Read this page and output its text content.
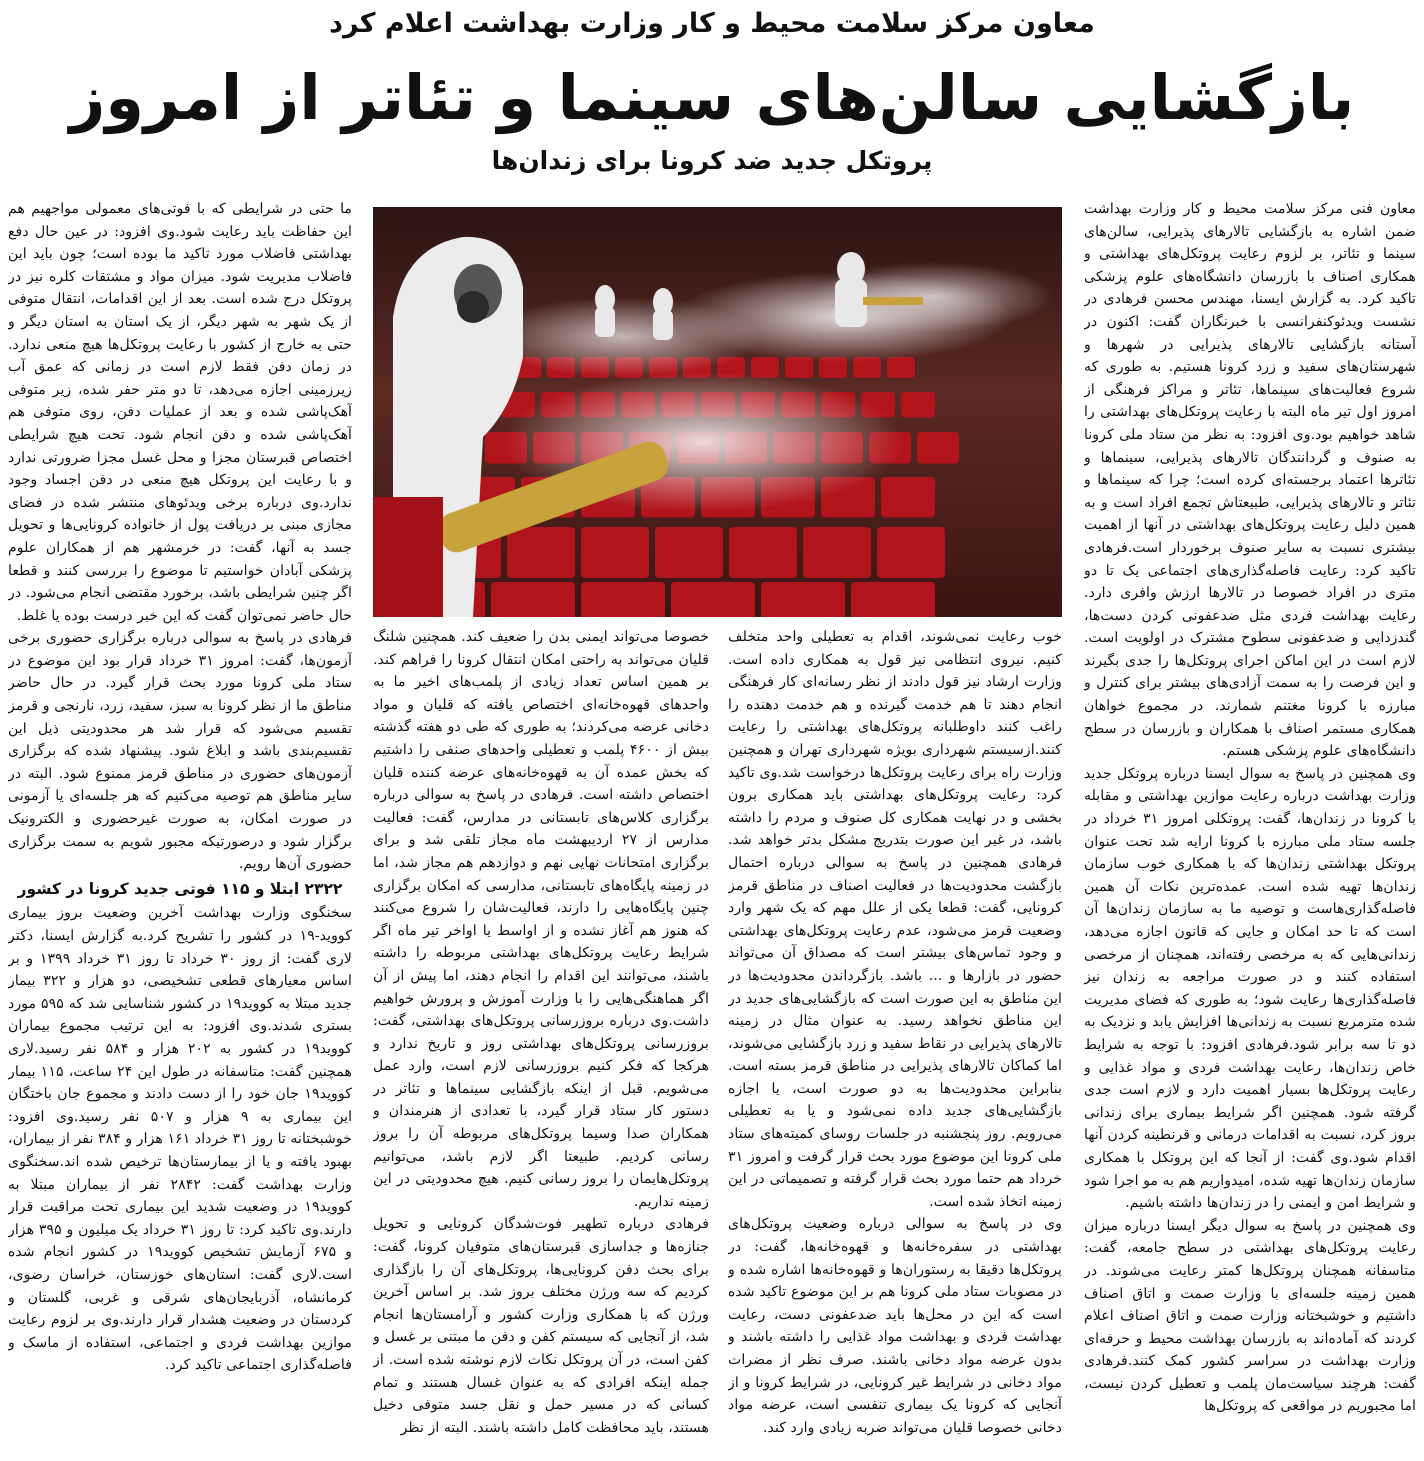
معاون مرکز سلامت محیط و کار وزارت بهداشت اعلام کرد
بازگشایی سالن‌های سینما و تئاتر از امروز
پروتکل جدید ضد کرونا برای زندان‌ها

معاون فنی مرکز سلامت محیط و کار وزارت بهداشت ضمن اشاره به بازگشایی تالارهای پذیرایی، سالن‌های سینما و تئاتر، بر لزوم رعایت پروتکل‌های بهداشتی و همکاری اصناف با بازرسان دانشگاه‌های علوم پزشکی تاکید کرد. به گزارش ایسنا، مهندس محسن فرهادی در نشست ویدئوکنفرانسی با خبرنگاران گفت: اکنون در آستانه بازگشایی تالارهای پذیرایی در شهرها و شهرستان‌های سفید و زرد کرونا هستیم. به طوری که شروع فعالیت‌های سینماها، تئاتر و مراکز فرهنگی از امروز اول تیر ماه البته با رعایت پروتکل‌های بهداشتی را شاهد خواهیم بود.وی افزود: به نظر من ستاد ملی کرونا به صنوف و گردانندگان تالارهای پذیرایی، سینماها و تئاترها اعتماد برجسته‌ای کرده است؛ چرا که سینماها و تئاتر و تالارهای پذیرایی، طبیعتاش تجمع افراد است و به همین دلیل رعایت پروتکل‌های بهداشتی در آنها از اهمیت بیشتری نسبت به سایر صنوف برخوردار است.فرهادی تاکید کرد: رعایت فاصله‌گذاری‌های اجتماعی یک تا دو متری در افراد خصوصا در تالارها ارزش وافری دارد. رعایت بهداشت فردی مثل ضدعفونی کردن دست‌ها، گندزدایی و ضدعفونی سطوح مشترک در اولویت است. لازم است در این اماکن اجرای پروتکل‌ها را جدی بگیرند و این فرصت را به سمت آزادی‌های بیشتر برای کنترل و مبارزه با کرونا مغتنم شمارند. در مجموع خواهان همکاری مستمر اصناف با همکاران و بازرسان در سطح دانشگاه‌های علوم پزشکی هستم.

وی همچنین در پاسخ به سوال ایسنا درباره پروتکل جدید وزارت بهداشت درباره رعایت موازین بهداشتی و مقابله با کرونا در زندان‌ها، گفت: پروتکلی امروز ۳۱ خرداد در جلسه ستاد ملی مبارزه با کرونا ارایه شد تحت عنوان پروتکل بهداشتی زندان‌ها که با همکاری خوب سازمان زندان‌ها تهیه شده است. عمده‌ترین نکات آن همین فاصله‌گذاری‌هاست و توصیه ما به سازمان زندان‌ها آن است که تا حد امکان و جایی که قانون اجازه می‌دهد، زندانی‌هایی که به مرخصی رفته‌اند، همچنان از مرخصی استفاده کنند و در صورت مراجعه به زندان نیز فاصله‌گذاری‌ها رعایت شود؛ به طوری که فضای مدیریت شده مترمربع نسبت به زندانی‌ها افزایش یابد و نزدیک به دو تا سه برابر شود.فرهادی افزود: با توجه به شرایط خاص زندان‌ها، رعایت بهداشت فردی و مواد غذایی و رعایت پروتکل‌ها بسیار اهمیت دارد و لازم است جدی گرفته شود. همچنین اگر شرایط بیماری برای زندانی بروز کرد، نسبت به اقدامات درمانی و قرنطینه کردن آنها اقدام شود.وی گفت: از آنجا که این پروتکل با همکاری سازمان زندان‌ها تهیه شده، امیدواریم هم به مو اجرا شود و شرایط امن و ایمنی را در زندان‌ها داشته باشیم.

وی همچنین در پاسخ به سوال دیگر ایسنا درباره میزان رعایت پروتکل‌های بهداشتی در سطح جامعه، گفت: متاسفانه همچنان پروتکل‌ها کمتر رعایت می‌شوند. در همین زمینه جلسه‌ای با وزارت صمت و اتاق اصناف داشتیم و خوشبختانه وزارت صمت و اتاق اصناف اعلام کردند که آماده‌اند به بازرسان بهداشت محیط و حرفه‌ای وزارت بهداشت در سراسر کشور کمک کنند.فرهادی گفت: هرچند سیاست‌مان پلمب و تعطیل کردن نیست، اما مجبوریم در مواقعی که پروتکل‌ها

خوب رعایت نمی‌شوند، اقدام به تعطیلی واحد متخلف کنیم. نیروی انتظامی نیز قول به همکاری داده است. وزارت ارشاد نیز قول دادند از نظر رسانه‌ای کار فرهنگی انجام دهند تا هم خدمت گیرنده و هم خدمت دهنده را راغب کنند داوطلبانه پروتکل‌های بهداشتی را رعایت کنند.ازسیستم شهرداری بویژه شهرداری تهران و همچنین وزارت راه برای رعایت پروتکل‌ها درخواست شد.وی تاکید کرد: رعایت پروتکل‌های بهداشتی باید همکاری برون بخشی و در نهایت همکاری کل صنوف و مردم را داشته باشد، در غیر این صورت بتدریج مشکل بدتر خواهد شد. فرهادی همچنین در پاسخ به سوالی درباره احتمال بازگشت محدودیت‌ها در فعالیت اصناف در مناطق قرمز کرونایی، گفت: قطعا یکی از علل مهم که یک شهر وارد وضعیت قرمز می‌شود، عدم رعایت پروتکل‌های بهداشتی و وجود تماس‌های بیشتر است که مصداق آن می‌تواند حضور در بازارها و ... باشد. بازگرداندن محدودیت‌ها در این مناطق به این صورت است که بازگشایی‌های جدید در این مناطق نخواهد رسید. به عنوان مثال در زمینه تالارهای پذیرایی در نقاط سفید و زرد بازگشایی می‌شوند، اما کماکان تالارهای پذیرایی در مناطق قرمز بسته است. بنابراین محدودیت‌ها به دو صورت است، یا اجازه بازگشایی‌های جدید داده نمی‌شود و یا به تعطیلی می‌رویم. روز پنجشنبه در جلسات روسای کمیته‌های ستاد ملی کرونا این موضوع مورد بحث قرار گرفت و امروز ۳۱ خرداد هم حتما مورد بحث قرار گرفته و تصمیماتی در این زمینه اتخاذ شده است.

وی در پاسخ به سوالی درباره وضعیت پروتکل‌های بهداشتی در سفره‌خانه‌ها و قهوه‌خانه‌ها، گفت: در پروتکل‌ها دقیقا به رستوران‌ها و قهوه‌خانه‌ها اشاره شده و در مصوبات ستاد ملی کرونا هم بر این موضوع تاکید شده است که این در محل‌ها باید ضدعفونی دست، رعایت بهداشت فردی و بهداشت مواد غذایی را داشته باشند و بدون عرضه مواد دخانی باشند. صرف نظر از مضرات مواد دخانی در شرایط غیر کرونایی، در شرایط کرونا و از آنجایی که کرونا یک بیماری تنفسی است، عرضه مواد دخانی خصوصا قلیان می‌تواند ضربه زیادی وارد کند.

خصوصا می‌تواند ایمنی بدن را ضعیف کند. همچنین شلنگ قلیان می‌تواند به راحتی امکان انتقال کرونا را فراهم کند. بر همین اساس تعداد زیادی از پلمب‌های اخیر ما به واحدهای قهوه‌خانه‌ای اختصاص یافته که قلیان و مواد دخانی عرضه می‌کردند؛ به طوری که طی دو هفته گذشته بیش از ۴۶۰۰ پلمب و تعطیلی واحدهای صنفی را داشتیم که بخش عمده آن به قهوه‌خانه‌های عرضه کننده قلیان اختصاص داشته است. فرهادی در پاسخ به سوالی درباره برگزاری کلاس‌های تابستانی در مدارس، گفت: فعالیت مدارس از ۲۷ اردیبهشت ماه مجاز تلقی شد و برای برگزاری امتحانات نهایی نهم و دوازدهم هم مجاز شد، اما در زمینه پایگاه‌های تابستانی، مدارسی که امکان برگزاری چنین پایگاه‌هایی را دارند، فعالیت‌شان را شروع می‌کنند که هنوز هم آغاز نشده و از اواسط یا اواخر تیر ماه اگر شرایط رعایت پروتکل‌های بهداشتی مربوطه را داشته باشند، می‌توانند این اقدام را انجام دهند، اما پیش از آن اگر هماهنگی‌هایی را با وزارت آموزش و پرورش خواهیم داشت.وی درباره بروزرسانی پروتکل‌های بهداشتی، گفت: بروزرسانی پروتکل‌های بهداشتی روز و تاریخ ندارد و هرکجا که فکر کنیم بروزرسانی لازم است، وارد عمل می‌شویم. قبل از اینکه بازگشایی سینماها و تئاتر در دستور کار ستاد قرار گیرد، با تعدادی از هنرمندان و همکاران صدا وسیما پروتکل‌های مربوطه آن را بروز رسانی کردیم. طبیعتا اگر لازم باشد، می‌توانیم پروتکل‌هایمان را بروز رسانی کنیم. هیچ محدودیتی در این زمینه نداریم.

فرهادی درباره تطهیر فوت‌شدگان کرونایی و تحویل جنازه‌ها و جداسازی قبرستان‌های متوفیان کرونا، گفت: برای بحث دفن کرونایی‌ها، پروتکل‌های آن را بازگذاری کردیم که سه ورژن مختلف بروز شد. بر اساس آخرین ورژن که با همکاری وزارت کشور و آرامستان‌ها انجام شد، از آنجایی که سیستم کفن و دفن ما مبتنی بر غسل و کفن است، در آن پروتکل نکات لازم نوشته شده است. از جمله اینکه افرادی که به عنوان غسال هستند و تمام کسانی که در مسیر حمل و نقل جسد متوفی دخیل هستند، باید محافظت کامل داشته باشند. البته از نظر

ما حتی در شرایطی که با فوتی‌های معمولی مواجهیم هم این حفاظت باید رعایت شود.وی افزود: در عین حال دفع بهداشتی فاضلاب مورد تاکید ما بوده است؛ چون باید این فاضلاب مدیریت شود. میزان مواد و مشتقات کلره نیز در پروتکل درج شده است. بعد از این اقدامات، انتقال متوفی از یک شهر به شهر دیگر، از یک استان به استان دیگر و حتی به خارج از کشور با رعایت پروتکل‌ها هیچ منعی ندارد. در زمان دفن فقط لازم است در زمانی که عمق آب زیرزمینی اجازه می‌دهد، تا دو متر حفر شده، زیر متوفی آهک‌پاشی شده و بعد از عملیات دفن، روی متوفی هم آهک‌پاشی شده و دفن انجام شود. تحت هیچ شرایطی اختصاص قبرستان مجزا و محل غسل مجزا ضرورتی ندارد و با رعایت این پروتکل هیچ منعی در دفن اجساد وجود ندارد.وی درباره برخی ویدئوهای منتشر شده در فضای مجازی مبنی بر دریافت پول از خانواده کرونایی‌ها و تحویل جسد به آنها، گفت: در خرمشهر هم از همکاران علوم پزشکی آبادان خواستیم تا موضوع را بررسی کنند و قطعا اگر چنین شرایطی باشد، برخورد مقتضی انجام می‌شود. در حال حاضر نمی‌توان گفت که این خبر درست بوده یا غلط.

فرهادی در پاسخ به سوالی درباره برگزاری حضوری برخی آزمون‌ها، گفت: امروز ۳۱ خرداد قرار بود این موضوع در ستاد ملی کرونا مورد بحث قرار گیرد. در حال حاضر مناطق ما از نظر کرونا به سبز، سفید، زرد، نارنجی و قرمز تقسیم می‌شود که قرار شد هر محدودیتی ذیل این تقسیم‌بندی باشد و ابلاغ شود. پیشنهاد شده که برگزاری آزمون‌های حضوری در مناطق قرمز ممنوع شود. البته در سایر مناطق هم توصیه می‌کنیم که هر جلسه‌ای یا آزمونی در صورت امکان، به صورت غیرحضوری و الکترونیک برگزار شود و درصورتیکه مجبور شویم به سمت برگزاری حضوری آن‌ها رویم.

۲۳۲۲ ابتلا و ۱۱۵ فوتی جدید کرونا در کشور

سخنگوی وزارت بهداشت آخرین وضعیت بروز بیماری کووید-۱۹ در کشور را تشریح کرد.به گزارش ایسنا، دکتر لاری گفت: از روز ۳۰ خرداد تا روز ۳۱ خرداد ۱۳۹۹ و بر اساس معیارهای قطعی تشخیصی، دو هزار و ۳۲۲ بیمار جدید مبتلا به کووید۱۹ در کشور شناسایی شد که ۵۹۵ مورد بستری شدند.وی افزود: به این ترتیب مجموع بیماران کووید۱۹ در کشور به ۲۰۲ هزار و ۵۸۴ نفر رسید.لاری همچنین گفت: متاسفانه در طول این ۲۴ ساعت، ۱۱۵ بیمار کووید۱۹ جان خود را از دست دادند و مجموع جان باختگان این بیماری به ۹ هزار و ۵۰۷ نفر رسید.وی افزود: خوشبختانه تا روز ۳۱ خرداد ۱۶۱ هزار و ۳۸۴ نفر از بیماران، بهبود یافته و یا از بیمارستان‌ها ترخیص شده اند.سخنگوی وزارت بهداشت گفت: ۲۸۴۲ نفر از بیماران مبتلا به کووید۱۹ در وضعیت شدید این بیماری تحت مراقبت قرار دارند.وی تاکید کرد: تا روز ۳۱ خرداد یک میلیون و ۳۹۵ هزار و ۶۷۵ آزمایش تشخیص کووید۱۹ در کشور انجام شده است.لاری گفت: استان‌های خوزستان، خراسان رضوی، کرمانشاه، آذربایجان‌های شرقی و غربی، گلستان و کردستان در وضعیت هشدار قرار دارند.وی بر لزوم رعایت موازین بهداشت فردی و اجتماعی، استفاده از ماسک و فاصله‌گذاری اجتماعی تاکید کرد.
